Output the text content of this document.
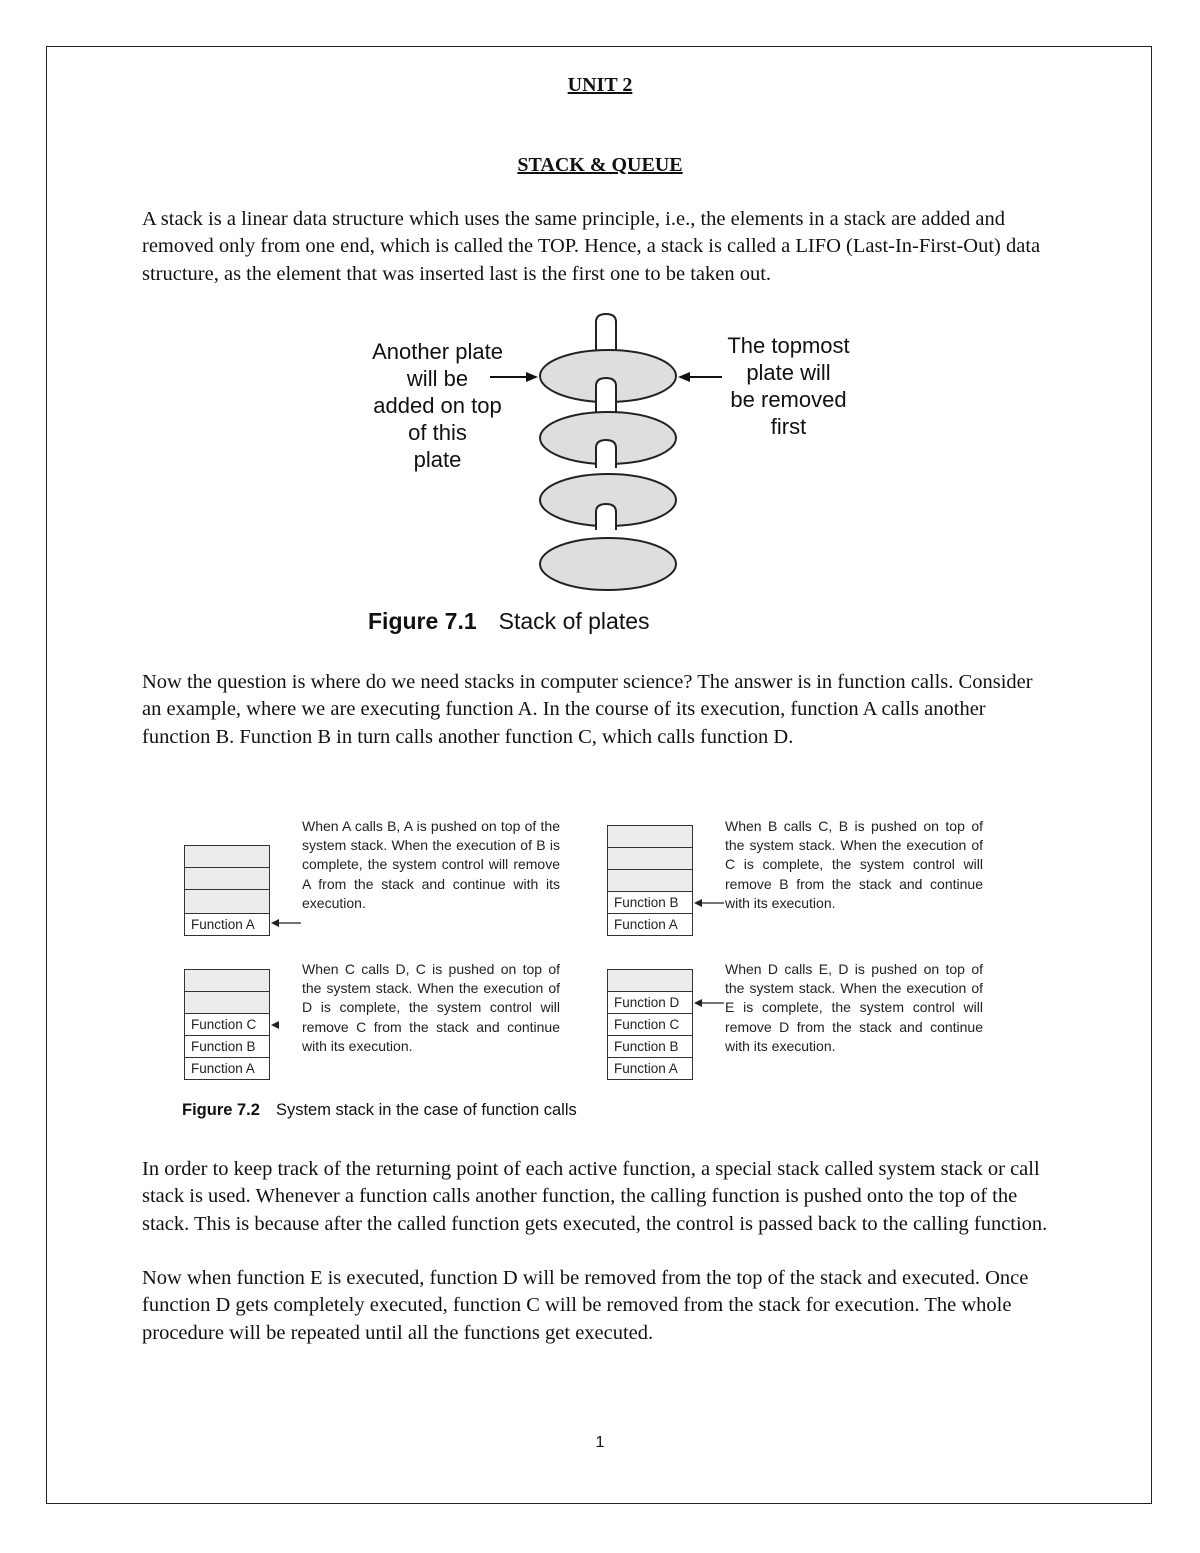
UNIT 2
STACK & QUEUE

A stack is a linear data structure which uses the same principle, i.e., the elements in a stack are added and removed only from one end, which is called the TOP. Hence, a stack is called a LIFO (Last-In-First-Out) data structure, as the element that was inserted last is the first one to be taken out.

Another plate
will be
added on top
of this
plate
The topmost
plate will
be removed
first
Figure 7.1 Stack of plates

Now the question is where do we need stacks in computer science? The answer is in function calls. Consider an example, where we are executing function A. In the course of its execution, function A calls another function B. Function B in turn calls another function C, which calls function D.

Function A
When A calls B, A is pushed on top of the system stack. When the execution of B is complete, the system control will remove A from the stack and continue with its execution.	Function B
Function A
When B calls C, B is pushed on top of the system stack. When the execution of C is complete, the system control will remove B from the stack and continue with its execution.
Function C
Function B
Function A
When C calls D, C is pushed on top of the system stack. When the execution of D is complete, the system control will remove C from the stack and continue with its execution.
Function D
Function C
Function B
Function A
When D calls E, D is pushed on top of the system stack. When the execution of E is complete, the system control will remove D from the stack and continue with its execution.
Figure 7.2 System stack in the case of function calls

In order to keep track of the returning point of each active function, a special stack called system stack or call stack is used. Whenever a function calls another function, the calling function is pushed onto the top of the stack. This is because after the called function gets executed, the control is passed back to the calling function.

Now when function E is executed, function D will be removed from the top of the stack and executed. Once function D gets completely executed, function C will be removed from the stack for execution. The whole procedure will be repeated until all the functions get executed.

1
